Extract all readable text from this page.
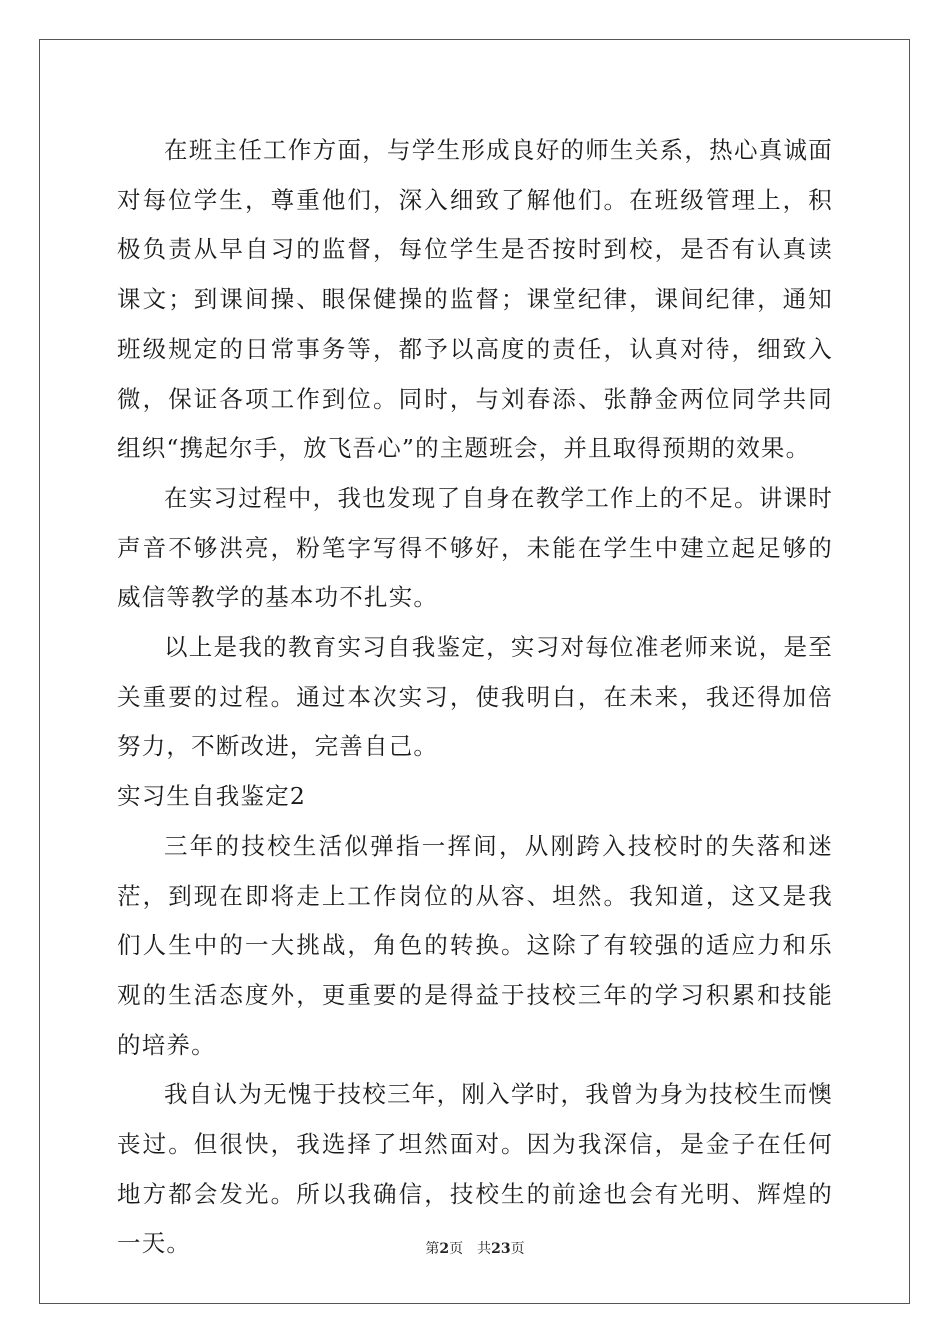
在班主任工作方面，与学生形成良好的师生关系，热心真诚面对每位学生，尊重他们，深入细致了解他们。在班级管理上，积极负责从早自习的监督，每位学生是否按时到校，是否有认真读课文；到课间操、眼保健操的监督；课堂纪律，课间纪律，通知班级规定的日常事务等，都予以高度的责任，认真对待，细致入微，保证各项工作到位。同时，与刘春添、张静金两位同学共同组织“携起尔手，放飞吾心”的主题班会，并且取得预期的效果。

在实习过程中，我也发现了自身在教学工作上的不足。讲课时声音不够洪亮，粉笔字写得不够好，未能在学生中建立起足够的威信等教学的基本功不扎实。

以上是我的教育实习自我鉴定，实习对每位准老师来说，是至关重要的过程。通过本次实习，使我明白，在未来，我还得加倍努力，不断改进，完善自己。

实习生自我鉴定2

三年的技校生活似弹指一挥间，从刚跨入技校时的失落和迷茫，到现在即将走上工作岗位的从容、坦然。我知道，这又是我们人生中的一大挑战，角色的转换。这除了有较强的适应力和乐观的生活态度外，更重要的是得益于技校三年的学习积累和技能的培养。

我自认为无愧于技校三年，刚入学时，我曾为身为技校生而懊丧过。但很快，我选择了坦然面对。因为我深信，是金子在任何地方都会发光。所以我确信，技校生的前途也会有光明、辉煌的一天。	第2页　共23页
